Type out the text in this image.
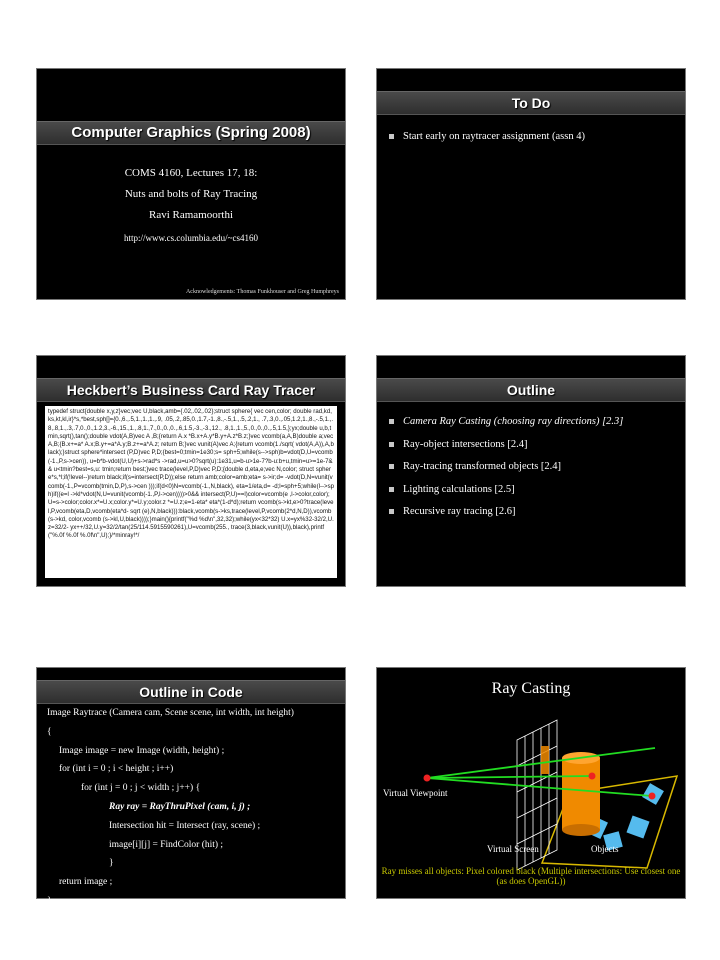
Computer Graphics (Spring 2008)
COMS 4160, Lectures 17, 18:
Nuts and bolts of Ray Tracing
Ravi Ramamoorthi
http://www.cs.columbia.edu/~cs4160
Acknowledgements: Thomas Funkhouser and Greg Humphreys
To Do
Start early on raytracer assignment (assn 4)
Heckbert’s Business Card Ray Tracer
typedef struct{double x,y,z}vec;vec U,black,amb={.02,.02,.02};struct sphere{ vec cen,color; double rad,kd,ks,kt,kl,ir}*s,*best,sph[]={0.,6.,.5,1.,1.,1.,.9, .05,.2,.85,0.,1.7,-1.,8.,-.5,1.,.5,.2,1., .7,.3,0.,.05,1.2,1.,8.,-.5,1.,.8,.8,1.,.3,.7,0.,0.,1.2,3.,-6.,15.,1.,.8,1.,7.,0.,0.,0.,.6,1.5,-3.,-3.,12., .8,1.,1.,5.,0.,0.,0.,.5,1.5,};yx;double u,b,tmin,sqrt(),tan();double vdot(A,B)vec A ,B;{return A.x *B.x+A.y*B.y+A.z*B.z;}vec vcomb(a,A,B)double a;vec A,B;{B.x+=a* A.x;B.y+=a*A.y;B.z+=a*A.z; return B;}vec vunit(A)vec A;{return vcomb(1./sqrt( vdot(A,A)),A,black);}struct sphere*intersect (P,D)vec P,D;{best=0;tmin=1e30;s= sph+5;while(s-->sph)b=vdot(D,U=vcomb(-1.,P,s->cen)), u=b*b-vdot(U,U)+s->rad*s ->rad,u=u>0?sqrt(u):1e31,u=b-u>1e-7?b-u:b+u,tmin=u>=1e-7&& u<tmin?best=s,u: tmin;return best;}vec trace(level,P,D)vec P,D;{double d,eta,e;vec N,color; struct sphere*s,*l;if(!level--)return black;if(s=intersect(P,D));else return amb;color=amb;eta= s->ir;d= -vdot(D,N=vunit(vcomb(-1.,P=vcomb(tmin,D,P),s->cen )));if(d<0)N=vcomb(-1.,N,black), eta=1/eta,d= -d;l=sph+5;while(l-->sph)if((e=l ->kl*vdot(N,U=vunit(vcomb(-1.,P,l->cen))))>0&& intersect(P,U)==l)color=vcomb(e ,l->color,color);U=s->color;color.x*=U.x;color.y*=U.y;color.z *=U.z;e=1-eta* eta*(1-d*d);return vcomb(s->kt,e>0?trace(level,P,vcomb(eta,D,vcomb(eta*d- sqrt (e),N,black))):black,vcomb(s->ks,trace(level,P,vcomb(2*d,N,D)),vcomb(s->kd, color,vcomb (s->kl,U,black))));}main(){printf("%d %d\n",32,32);while(yx<32*32) U.x=yx%32-32/2,U.z=32/2- yx++/32,U.y=32/2/tan(25/114.5915590261),U=vcomb(255., trace(3,black,vunit(U)),black),printf ("%.0f %.0f %.0f\n",U);}/*minray!*/
Outline
Camera Ray Casting (choosing ray directions) [2.3]
Ray-object intersections [2.4]
Ray-tracing transformed objects [2.4]
Lighting calculations [2.5]
Recursive ray tracing [2.6]
Outline in Code
Image Raytrace (Camera cam, Scene scene, int width, int height)
{
Image image = new Image (width, height) ;
for (int i = 0 ; i < height ; i++)
for (int j = 0 ; j < width ; j++) {
Ray ray = RayThruPixel (cam, i, j) ;
Intersection hit = Intersect (ray, scene) ;
image[i][j] = FindColor (hit) ;
}
return image ;
}
Ray Casting
Virtual Viewpoint
Virtual Screen	Objects
Ray misses all objects: Pixel colored black (Multiple intersections: Use closest one (as does OpenGL))
